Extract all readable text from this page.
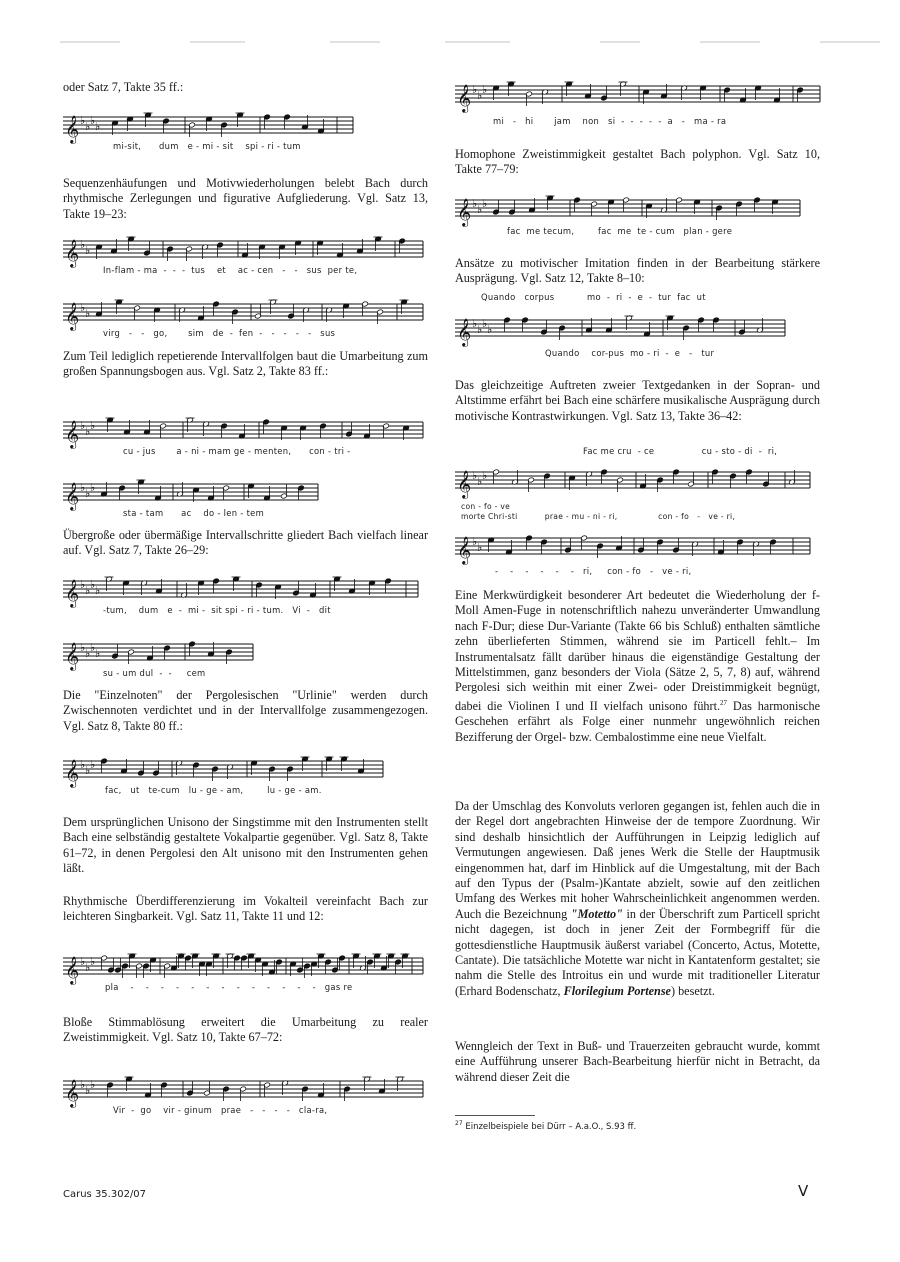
oder Satz 7, Takte 35 ff.:
𝄞 ♭ ♭ ♭ ♭
mi-sit,      dum   e - mi - sit    spi - ri - tum
Sequenzenhäufungen und Motivwiederholungen belebt Bach durch rhythmische Zerlegungen und figurative Aufgliederung. Vgl. Satz 13, Takte 19–23:
𝄞 ♭ ♭
In-flam - ma  -  -  -  tus    et    ac - cen   -   -   sus  per te,
𝄞 ♭ ♭
virg   -   -   go,       sim   de  -  fen  -   -   -   -   -   sus
Zum Teil lediglich repetierende Intervallfolgen baut die Umarbeitung zum großen Spannungsbogen aus. Vgl. Satz 2, Takte 83 ff.:
𝄞 ♭ ♭ ♭
cu - jus       a - ni - mam ge - menten,      con - tri -
𝄞 ♭ ♭ ♭
sta - tam      ac    do - len - tem
Übergroße oder übermäßige Intervallschritte gliedert Bach vielfach linear auf. Vgl. Satz 7, Takte 26–29:
𝄞 ♭ ♭ ♭ ♭
-tum,    dum   e  -  mi -  sit spi - ri - tum.   Vi  -   dit
𝄞 ♭ ♭ ♭ ♭
su - um dul  -  -     cem
Die "Einzelnoten" der Pergolesischen "Urlinie" werden durch Zwischennoten verdichtet und in der Intervallfolge zusammengezogen. Vgl. Satz 8, Takte 80 ff.:
𝄞 ♭ ♭ ♭
fac,   ut   te-cum   lu - ge - am,        lu - ge - am.
Dem ursprünglichen Unisono der Singstimme mit den Instrumenten stellt Bach eine selbständig gestaltete Vokalpartie gegenüber. Vgl. Satz 8, Takte 61–72, in denen Pergolesi den Alt unisono mit den Instrumenten gehen läßt.
Rhythmische Überdifferenzierung im Vokalteil vereinfacht Bach zur leichteren Singbarkeit. Vgl. Satz 11, Takte 11 und 12:
𝄞 ♭ ♭ ♭
pla    -    -    -    -    -    -    -    -    -    -    -    -    -   gas re
Bloße Stimmablösung erweitert die Umarbeitung zu realer Zweistimmigkeit. Vgl. Satz 10, Takte 67–72:
𝄞 ♭ ♭ ♭
Vir  -  go    vir - ginum   prae   -   -   -   -   cla-ra,
𝄞 ♭ ♭ ♭
mi   -   hi       jam    non   si  -  -  -  -  -  a   -   ma - ra
Homophone Zweistimmigkeit gestaltet Bach polyphon. Vgl. Satz 10, Takte 77–79:
𝄞 ♭ ♭ ♭
fac  me tecum,        fac  me  te - cum   plan - gere
Ansätze zu motivischer Imitation finden in der Bearbeitung stärkere Ausprägung. Vgl. Satz 12, Takte 8–10:
Quando   corpus           mo  -  ri  -  e  -  tur  fac  ut
𝄞 ♭ ♭ ♭ ♭
Quando    cor-pus  mo - ri  -  e   -   tur
Das gleichzeitige Auftreten zweier Textgedanken in der Sopran- und Altstimme erfährt bei Bach eine schärfere musikalische Ausprägung durch motivische Kontrastwirkungen. Vgl. Satz 13, Takte 36–42:
Fac me cru  - ce                cu - sto - di  -  ri,
𝄞 ♭ ♭ ♭
con - fo - ve
morte Chri-sti          prae - mu - ni - ri,               con - fo   -   ve - ri,
𝄞 ♭ ♭
-    -    -    -    -    -   ri,     con - fo   -   ve - ri,
Eine Merkwürdigkeit besonderer Art bedeutet die Wiederholung der f-Moll Amen-Fuge in notenschriftlich nahezu unveränderter Umwandlung nach F-Dur; diese Dur-Variante (Takte 66 bis Schluß) enthalten sämtliche zehn überlieferten Stimmen, während sie im Particell fehlt.– Im Instrumentalsatz fällt darüber hinaus die eigenständige Gestaltung der Mittelstimmen, ganz besonders der Viola (Sätze 2, 5, 7, 8) auf, während Pergolesi sich weithin mit einer Zwei- oder Dreistimmigkeit begnügt, dabei die Violinen I und II vielfach unisono führt.$^{27}$ Das harmonische Geschehen erfährt als Folge einer nunmehr ungewöhnlich reichen Bezifferung der Orgel- bzw. Cembalostimme eine neue Vielfalt.
Da der Umschlag des Konvoluts verloren gegangen ist, fehlen auch die in der Regel dort angebrachten Hinweise der de tempore Zuordnung. Wir sind deshalb hinsichtlich der Aufführungen in Leipzig lediglich auf Vermutungen angewiesen. Daß jenes Werk die Stelle der Hauptmusik eingenommen hat, darf im Hinblick auf die Umgestaltung, mit der Bach auf den Typus der (Psalm-)Kantate abzielt, sowie auf den zeitlichen Umfang des Werkes mit hoher Wahrscheinlichkeit angenommen werden. Auch die Bezeichnung "Motetto" in der Überschrift zum Particell spricht nicht dagegen, ist doch in jener Zeit der Formbegriff für die gottesdienstliche Hauptmusik äußerst variabel (Concerto, Actus, Motette, Cantate). Die tatsächliche Motette war nicht in Kantatenform gestaltet; sie nahm die Stelle des Introitus ein und wurde mit traditioneller Literatur (Erhard Bodenschatz, Florilegium Portense) besetzt.
Wenngleich der Text in Buß- und Trauerzeiten gebraucht wurde, kommt eine Aufführung unserer Bach-Bearbeitung hierfür nicht in Betracht, da während dieser Zeit die
$^{27}$ Einzelbeispiele bei Dürr – A.a.O., S.93 ff.
Carus 35.302/07	V
